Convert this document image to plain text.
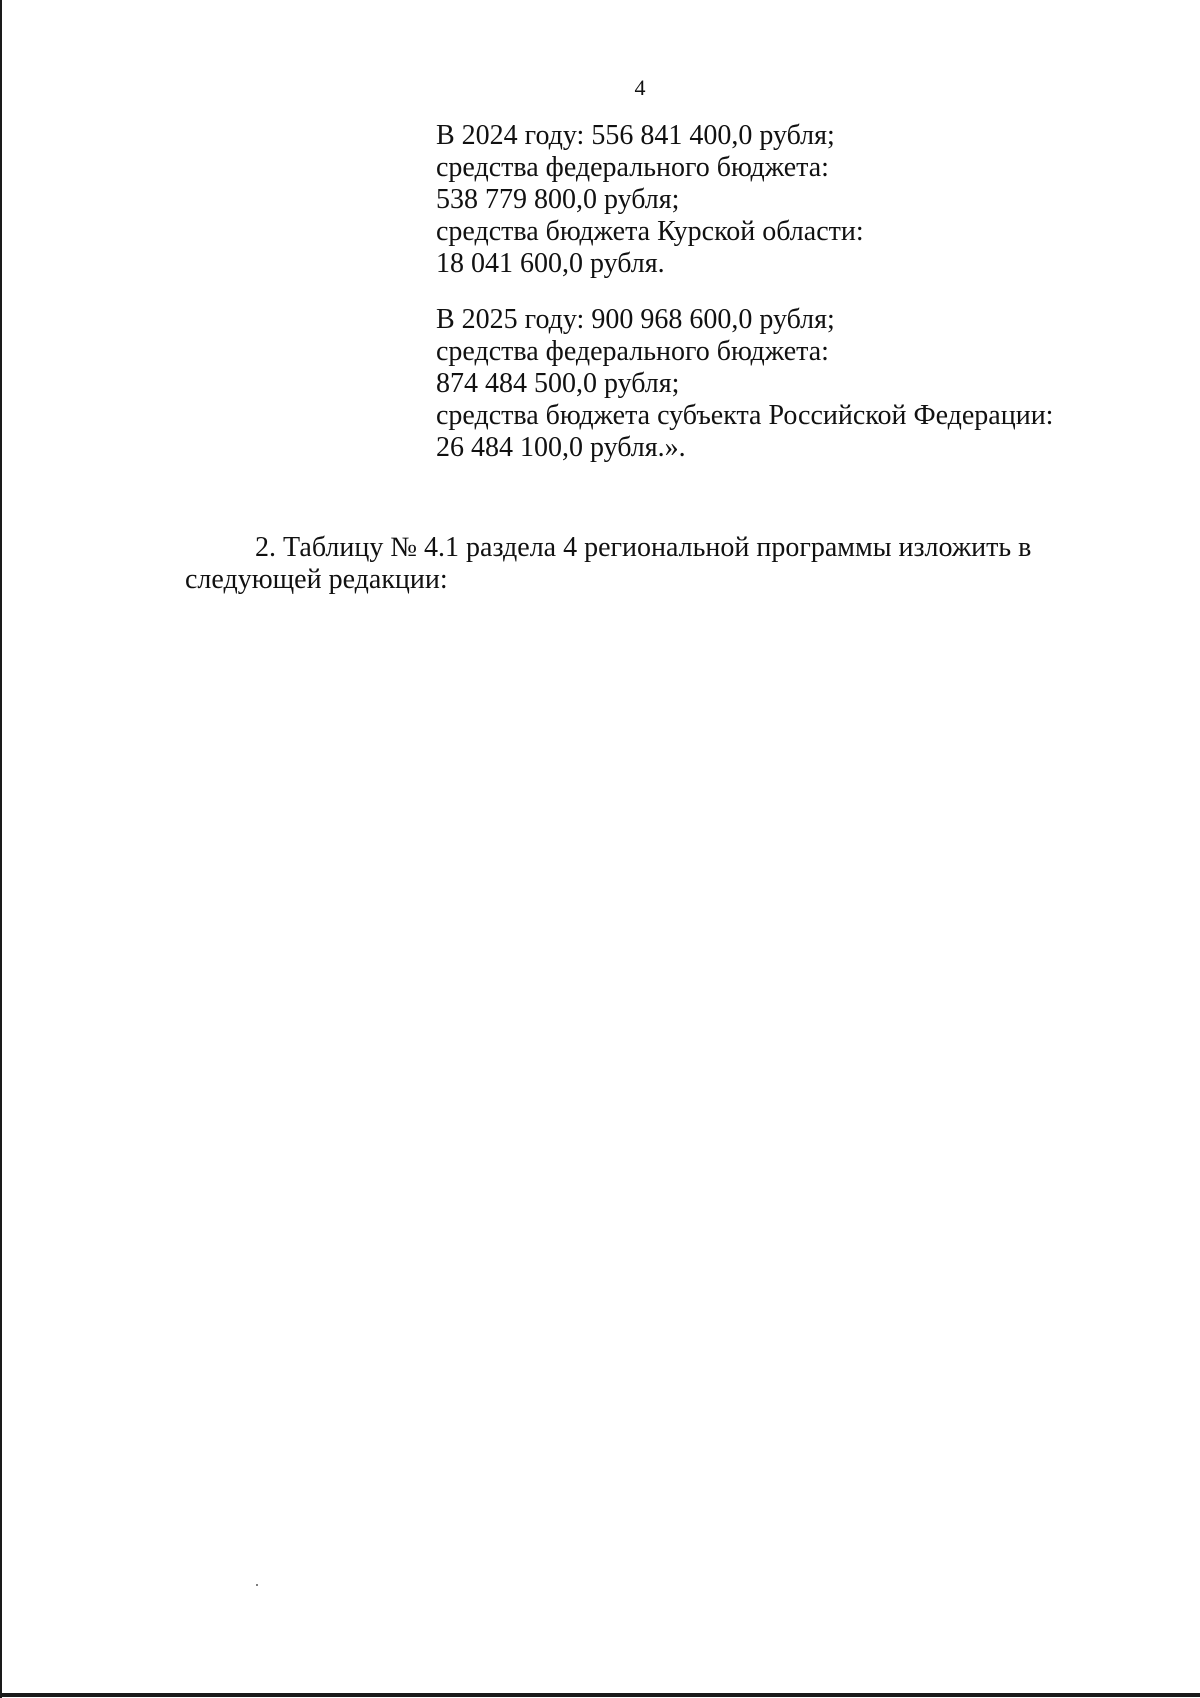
4
В 2024 году: 556 841 400,0 рубля;
средства федерального бюджета:
538 779 800,0 рубля;
средства бюджета Курской области:
18 041 600,0 рубля.
В 2025 году: 900 968 600,0 рубля;
средства федерального бюджета:
874 484 500,0 рубля;
средства бюджета субъекта Российской Федерации:
26 484 100,0 рубля.».
2. Таблицу № 4.1 раздела 4 региональной программы изложить в
следующей редакции:
